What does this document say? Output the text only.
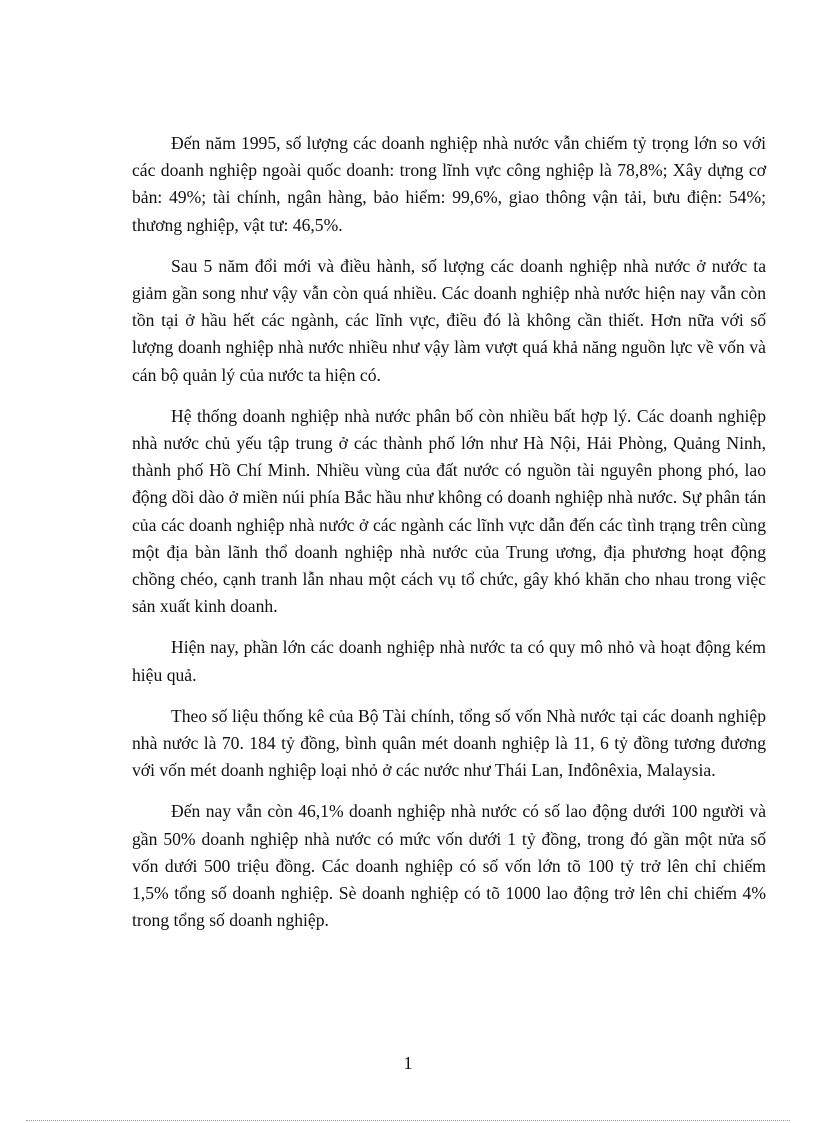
Đến năm 1995, số lượng các doanh nghiệp nhà nước vẫn chiếm tỷ trọng lớn so với các doanh nghiệp ngoài quốc doanh: trong lĩnh vực công nghiệp là 78,8%; Xây dựng cơ bản: 49%; tài chính, ngân hàng, bảo hiểm: 99,6%, giao thông vận tải, bưu điện: 54%; thương nghiệp, vật tư: 46,5%.

Sau 5 năm đổi mới và điều hành, số lượng các doanh nghiệp nhà nước ở nước ta giảm gần song như vậy vẫn còn quá nhiều. Các doanh nghiệp nhà nước hiện nay vẫn còn tồn tại ở hầu hết các ngành, các lĩnh vực, điều đó là không cần thiết. Hơn nữa với số lượng doanh nghiệp nhà nước nhiều như vậy làm vượt quá khả năng nguồn lực về vốn và cán bộ quản lý của nước ta hiện có.

Hệ thống doanh nghiệp nhà nước phân bố còn nhiều bất hợp lý. Các doanh nghiệp nhà nước chủ yếu tập trung ở các thành phố lớn như Hà Nội, Hải Phòng, Quảng Ninh, thành phố Hồ Chí Minh. Nhiều vùng của đất nước có nguồn tài nguyên phong phó, lao động dồi dào ở miền núi phía Bắc hầu như không có doanh nghiệp nhà nước. Sự phân tán của các doanh nghiệp nhà nước ở các ngành các lĩnh vực dẫn đến các tình trạng trên cùng một địa bàn lãnh thổ doanh nghiệp nhà nước của Trung ương, địa phương hoạt động chồng chéo, cạnh tranh lẫn nhau một cách vụ tổ chức, gây khó khăn cho nhau trong việc sản xuất kinh doanh.

Hiện nay, phần lớn các doanh nghiệp nhà nước ta có quy mô nhỏ và hoạt động kém hiệu quả.

Theo số liệu thống kê của Bộ Tài chính, tổng số vốn Nhà nước tại các doanh nghiệp nhà nước là 70. 184 tỷ đồng, bình quân mét doanh nghiệp là 11, 6 tỷ đồng tương đương với vốn mét doanh nghiệp loại nhỏ ở các nước như Thái Lan, Inđônêxia, Malaysia.

Đến nay vẫn còn 46,1% doanh nghiệp nhà nước có số lao động dưới 100 người và gần 50% doanh nghiệp nhà nước có mức vốn dưới 1 tỷ đồng, trong đó gần một nửa số vốn dưới 500 triệu đồng. Các doanh nghiệp có số vốn lớn tõ 100 tỷ trở lên chỉ chiếm 1,5% tổng số doanh nghiệp. Sè doanh nghiệp có tõ 1000 lao động trở lên chỉ chiếm 4% trong tổng số doanh nghiệp.

1
